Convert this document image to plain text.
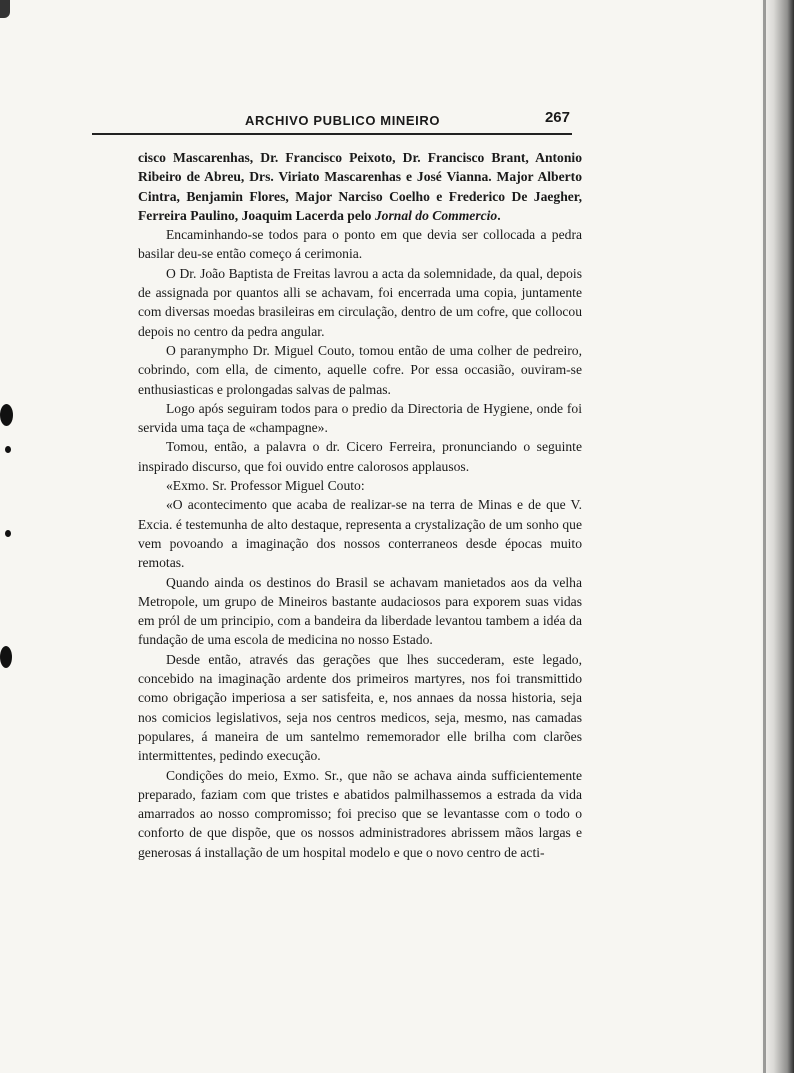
ARCHIVO PUBLICO MINEIRO	267

cisco Mascarenhas, Dr. Francisco Peixoto, Dr. Francisco Brant, Antonio Ribeiro de Abreu, Drs. Viriato Mascarenhas e José Vianna. Major Alberto Cintra, Benjamin Flores, Major Narciso Coelho e Frederico De Jaegher, Ferreira Paulino, Joaquim Lacerda pelo Jornal do Commercio.

Encaminhando-se todos para o ponto em que devia ser collocada a pedra basilar deu-se então começo á cerimonia.

O Dr. João Baptista de Freitas lavrou a acta da solemnidade, da qual, depois de assignada por quantos alli se achavam, foi encerrada uma copia, juntamente com diversas moedas brasileiras em circulação, dentro de um cofre, que collocou depois no centro da pedra angular.

O paranympho Dr. Miguel Couto, tomou então de uma colher de pedreiro, cobrindo, com ella, de cimento, aquelle cofre. Por essa occasião, ouviram-se enthusiasticas e prolongadas salvas de palmas.

Logo após seguiram todos para o predio da Directoria de Hygiene, onde foi servida uma taça de «champagne».

Tomou, então, a palavra o dr. Cicero Ferreira, pronunciando o seguinte inspirado discurso, que foi ouvido entre calorosos applausos.

«Exmo. Sr. Professor Miguel Couto:

«O acontecimento que acaba de realizar-se na terra de Minas e de que V. Excia. é testemunha de alto destaque, representa a crystalização de um sonho que vem povoando a imaginação dos nossos conterraneos desde épocas muito remotas.

Quando ainda os destinos do Brasil se achavam manietados aos da velha Metropole, um grupo de Mineiros bastante audaciosos para exporem suas vidas em pról de um principio, com a bandeira da liberdade levantou tambem a idéa da fundação de uma escola de medicina no nosso Estado.

Desde então, através das gerações que lhes succederam, este legado, concebido na imaginação ardente dos primeiros martyres, nos foi transmittido como obrigação imperiosa a ser satisfeita, e, nos annaes da nossa historia, seja nos comicios legislativos, seja nos centros medicos, seja, mesmo, nas camadas populares, á maneira de um santelmo rememorador elle brilha com clarões intermittentes, pedindo execução.

Condições do meio, Exmo. Sr., que não se achava ainda sufficientemente preparado, faziam com que tristes e abatidos palmilhassemos a estrada da vida amarrados ao nosso compromisso; foi preciso que se levantasse com o todo o conforto de que dispõe, que os nossos administradores abrissem mãos largas e generosas á installação de um hospital modelo e que o novo centro de acti-
